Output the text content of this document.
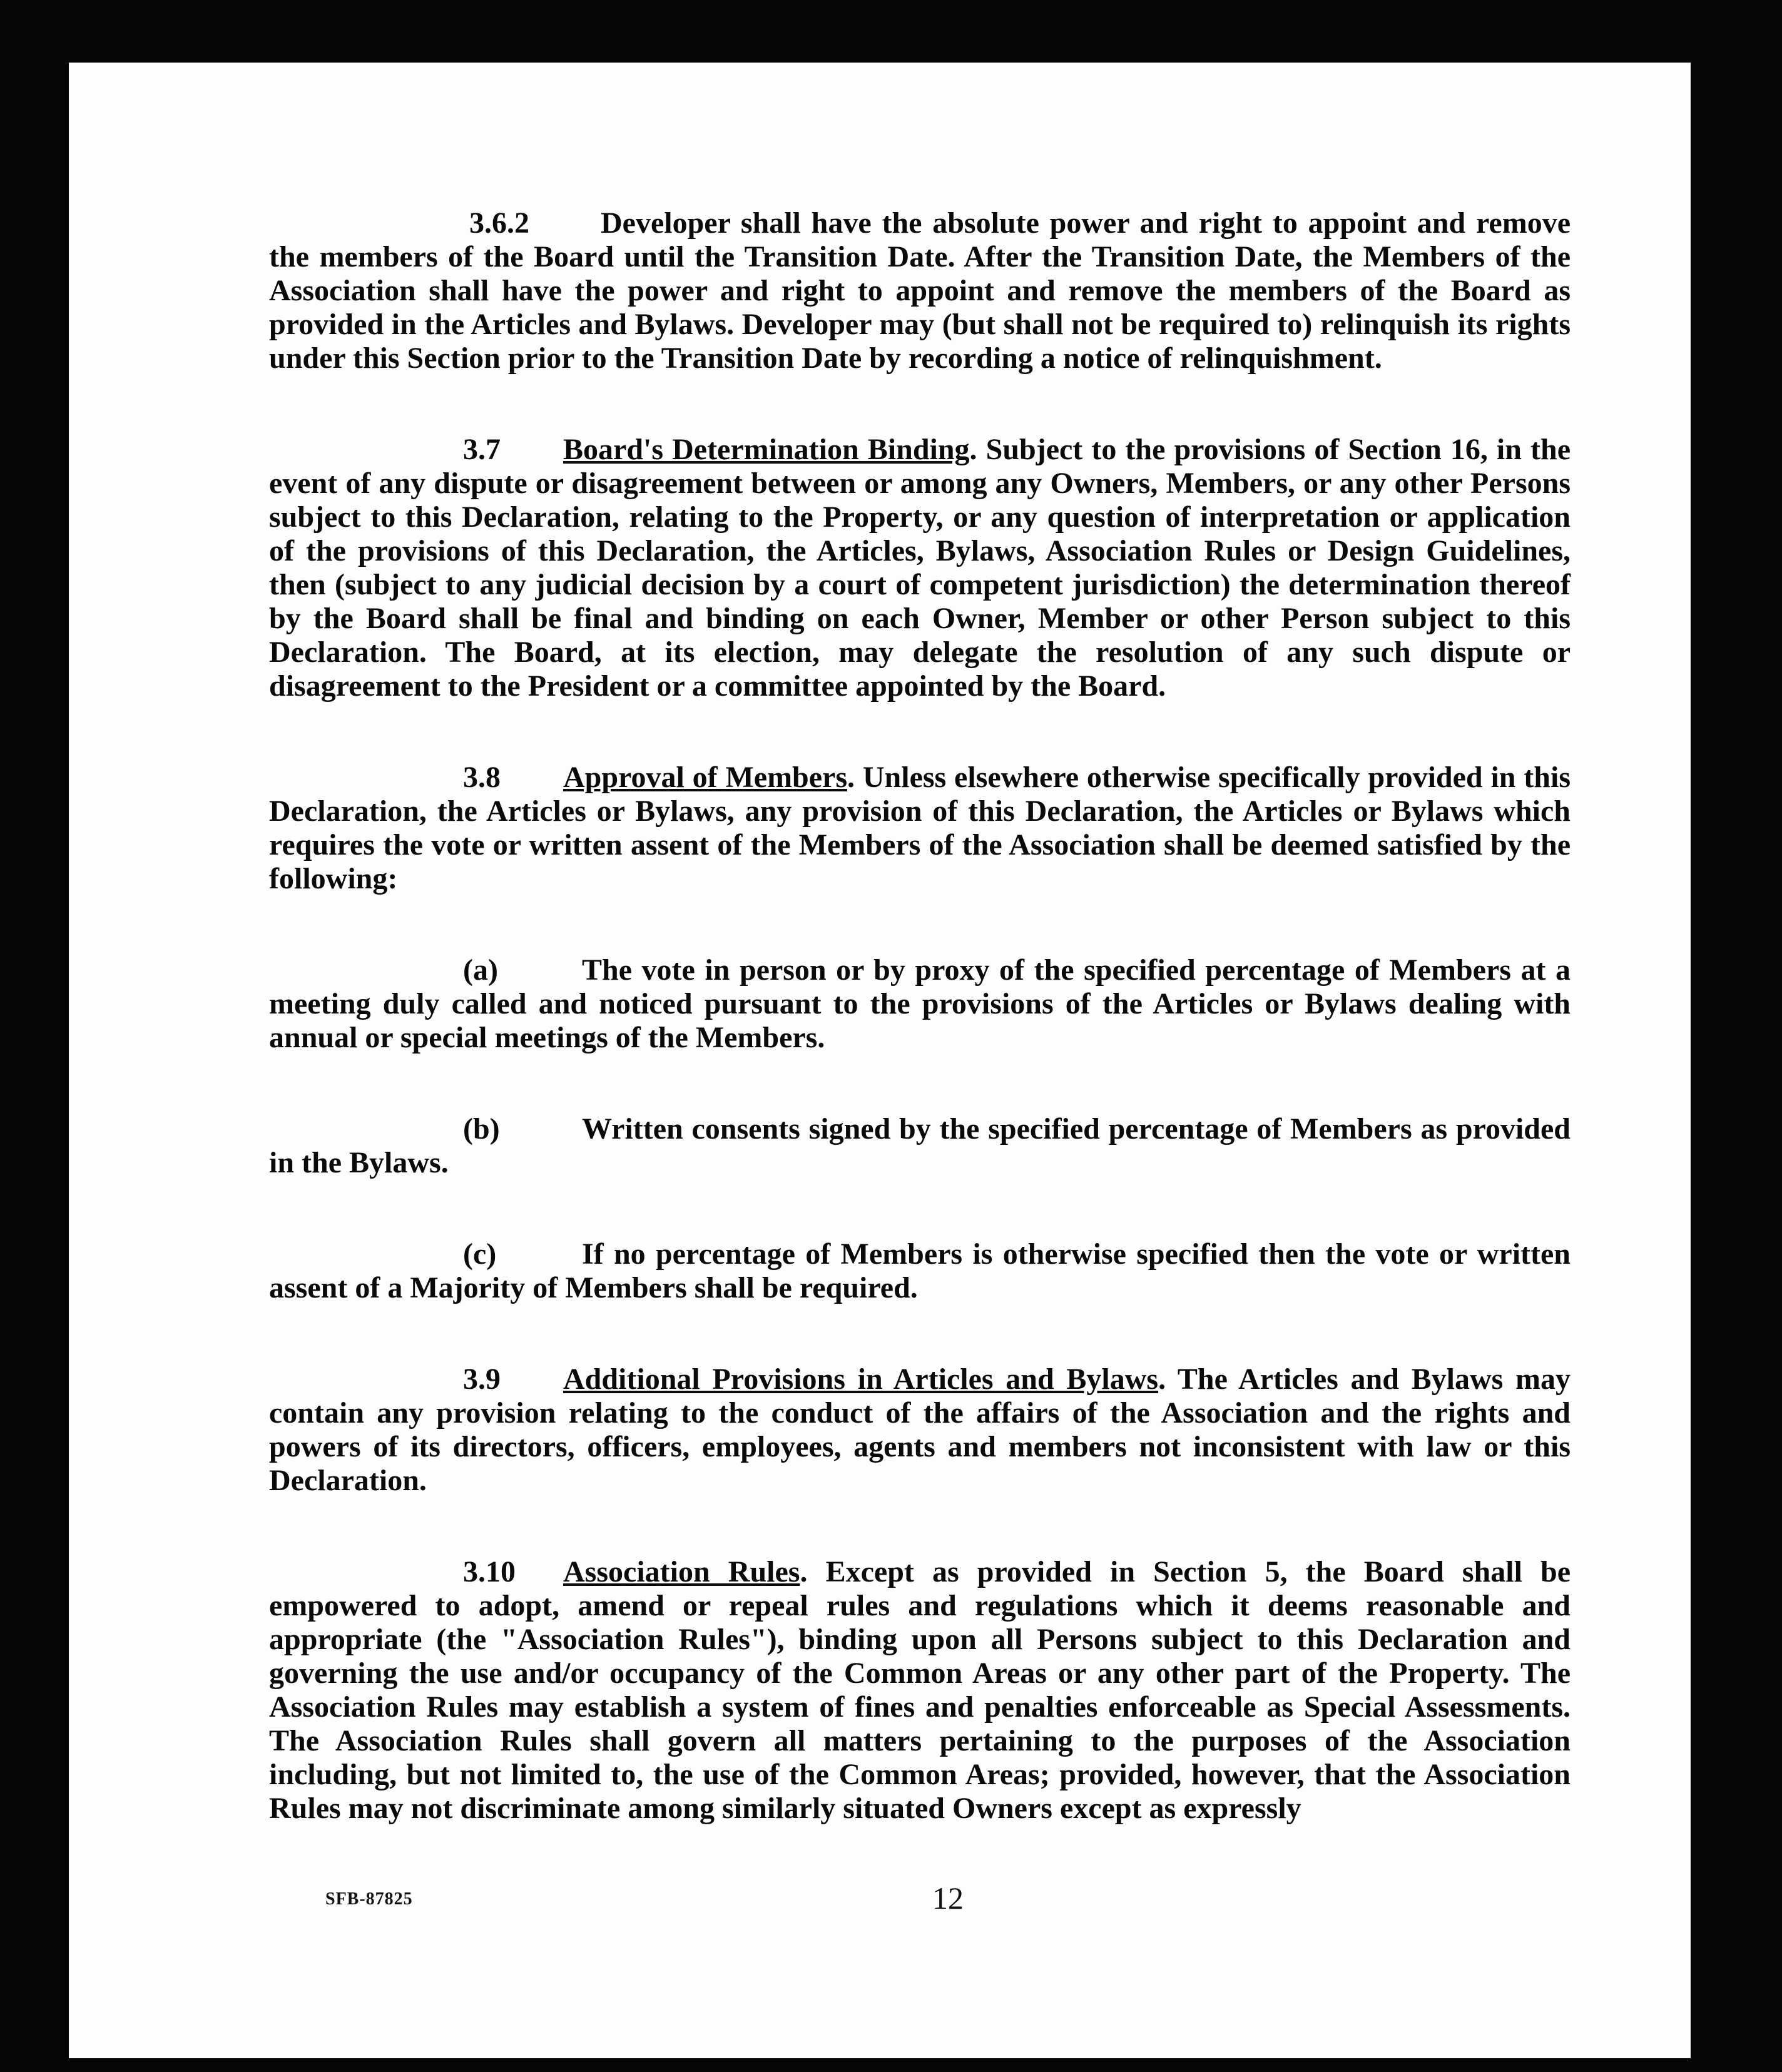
3.6.2 Developer shall have the absolute power and right to appoint and remove the members of the Board until the Transition Date. After the Transition Date, the Members of the Association shall have the power and right to appoint and remove the members of the Board as provided in the Articles and Bylaws. Developer may (but shall not be required to) relinquish its rights under this Section prior to the Transition Date by recording a notice of relinquishment.

3.7 Board's Determination Binding. Subject to the provisions of Section 16, in the event of any dispute or disagreement between or among any Owners, Members, or any other Persons subject to this Declaration, relating to the Property, or any question of interpretation or application of the provisions of this Declaration, the Articles, Bylaws, Association Rules or Design Guidelines, then (subject to any judicial decision by a court of competent jurisdiction) the determination thereof by the Board shall be final and binding on each Owner, Member or other Person subject to this Declaration. The Board, at its election, may delegate the resolution of any such dispute or disagreement to the President or a committee appointed by the Board.

3.8 Approval of Members. Unless elsewhere otherwise specifically provided in this Declaration, the Articles or Bylaws, any provision of this Declaration, the Articles or Bylaws which requires the vote or written assent of the Members of the Association shall be deemed satisfied by the following:

(a)	The vote in person or by proxy of the specified percentage of Members at a meeting duly called and noticed pursuant to the provisions of the Articles or Bylaws dealing with annual or special meetings of the Members.

(b)	Written consents signed by the specified percentage of Members as provided in the Bylaws.

(c)	If no percentage of Members is otherwise specified then the vote or written assent of a Majority of Members shall be required.

3.9 Additional Provisions in Articles and Bylaws. The Articles and Bylaws may contain any provision relating to the conduct of the affairs of the Association and the rights and powers of its directors, officers, employees, agents and members not inconsistent with law or this Declaration.

3.10 Association Rules. Except as provided in Section 5, the Board shall be empowered to adopt, amend or repeal rules and regulations which it deems reasonable and appropriate (the "Association Rules"), binding upon all Persons subject to this Declaration and governing the use and/or occupancy of the Common Areas or any other part of the Property. The Association Rules may establish a system of fines and penalties enforceable as Special Assessments. The Association Rules shall govern all matters pertaining to the purposes of the Association including, but not limited to, the use of the Common Areas; provided, however, that the Association Rules may not discriminate among similarly situated Owners except as expressly

SFB-87825	12
